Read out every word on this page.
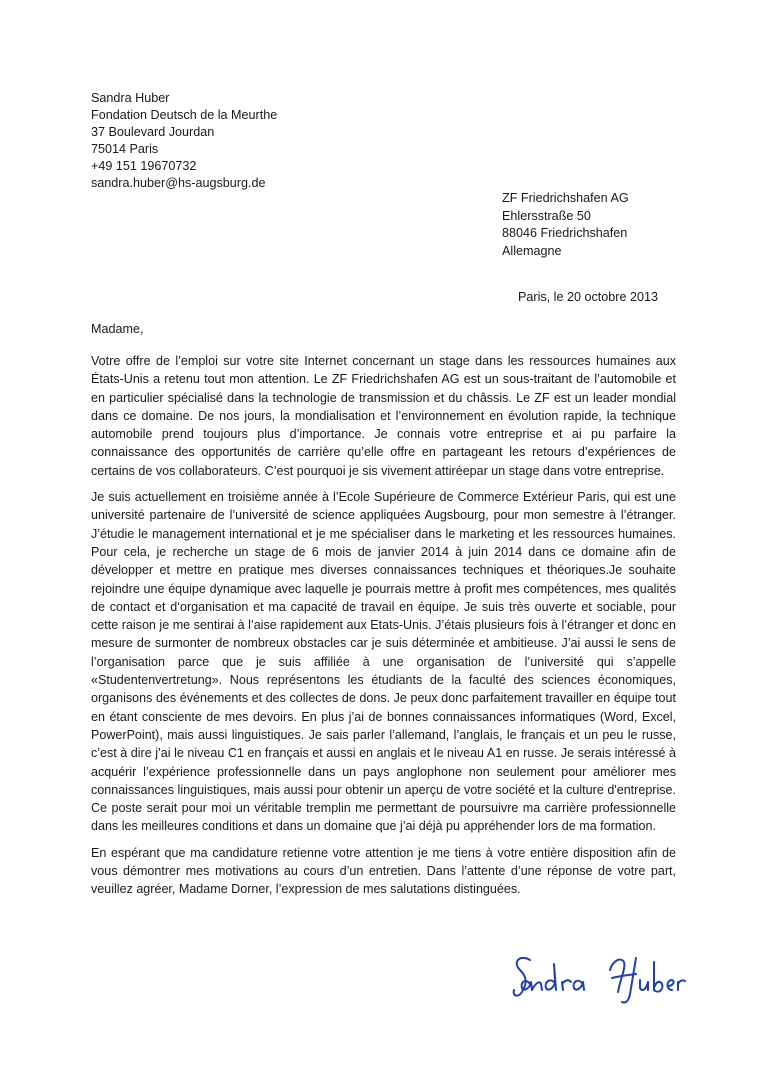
Sandra Huber
Fondation Deutsch de la Meurthe
37 Boulevard Jourdan
75014 Paris
+49 151 19670732
sandra.huber@hs-augsburg.de
ZF Friedrichshafen AG
Ehlersstraße 50
88046 Friedrichshafen
Allemagne
Paris, le 20 octobre 2013
Madame,

Votre offre de l’emploi sur votre site Internet concernant un stage dans les ressources humaines aux États-Unis a retenu tout mon attention. Le ZF Friedrichshafen AG est un sous-traitant de l’automobile et en particulier spécialisé dans la technologie de transmission et du châssis. Le ZF est un leader mondial dans ce domaine. De nos jours, la mondialisation et l’environnement en évolution rapide, la technique automobile prend toujours plus d’importance. Je connais votre entreprise et ai pu parfaire la connaissance des opportunités de carrière qu’elle offre en partageant les retours d’expériences de certains de vos collaborateurs. C’est pourquoi je sis vivement attiréepar un stage dans votre entreprise.

Je suis actuellement en troisième année à l’Ecole Supérieure de Commerce Extérieur Paris, qui est une université partenaire de l’université de science appliquées Augsbourg, pour mon semestre à l’étranger. J’étudie le management international et je me spécialiser dans le marketing et les ressources humaines. Pour cela, je recherche un stage de 6 mois de janvier 2014 à juin 2014 dans ce domaine afin de développer et mettre en pratique mes diverses connaissances techniques et théoriques.Je souhaite rejoindre une équipe dynamique avec laquelle je pourrais mettre à profit mes compétences, mes qualités de contact et d‘organisation et ma capacité de travail en équipe. Je suis très ouverte et sociable, pour cette raison je me sentirai à l’aise rapidement aux Etats-Unis. J’étais plusieurs fois à l’étranger et donc en mesure de surmonter de nombreux obstacles car je suis déterminée et ambitieuse. J’ai aussi le sens de l’organisation parce que je suis affiliée à une organisation de l’université qui s’appelle «Studentenvertretung». Nous représentons les étudiants de la faculté des sciences économiques, organisons des événements et des collectes de dons. Je peux donc parfaitement travailler en équipe tout en étant consciente de mes devoirs. En plus j’ai de bonnes connaissances informatiques (Word, Excel, PowerPoint), mais aussi linguistiques. Je sais parler l’allemand, l’anglais, le français et un peu le russe, c’est à dire j’ai le niveau C1 en français et aussi en anglais et le niveau A1 en russe. Je serais intéressé à acquérir l’expérience professionnelle dans un pays anglophone non seulement pour améliorer mes connaissances linguistiques, mais aussi pour obtenir un aperçu de votre société et la culture d'entreprise. Ce poste serait pour moi un véritable tremplin me permettant de poursuivre ma carrière professionnelle dans les meilleures conditions et dans un domaine que j’ai déjà pu appréhender lors de ma formation.

En espérant que ma candidature retienne votre attention je me tiens à votre entière disposition afin de vous démontrer mes motivations au cours d’un entretien. Dans l’attente d’une réponse de votre part, veuillez agréer, Madame Dorner, l’expression de mes salutations distinguées.
